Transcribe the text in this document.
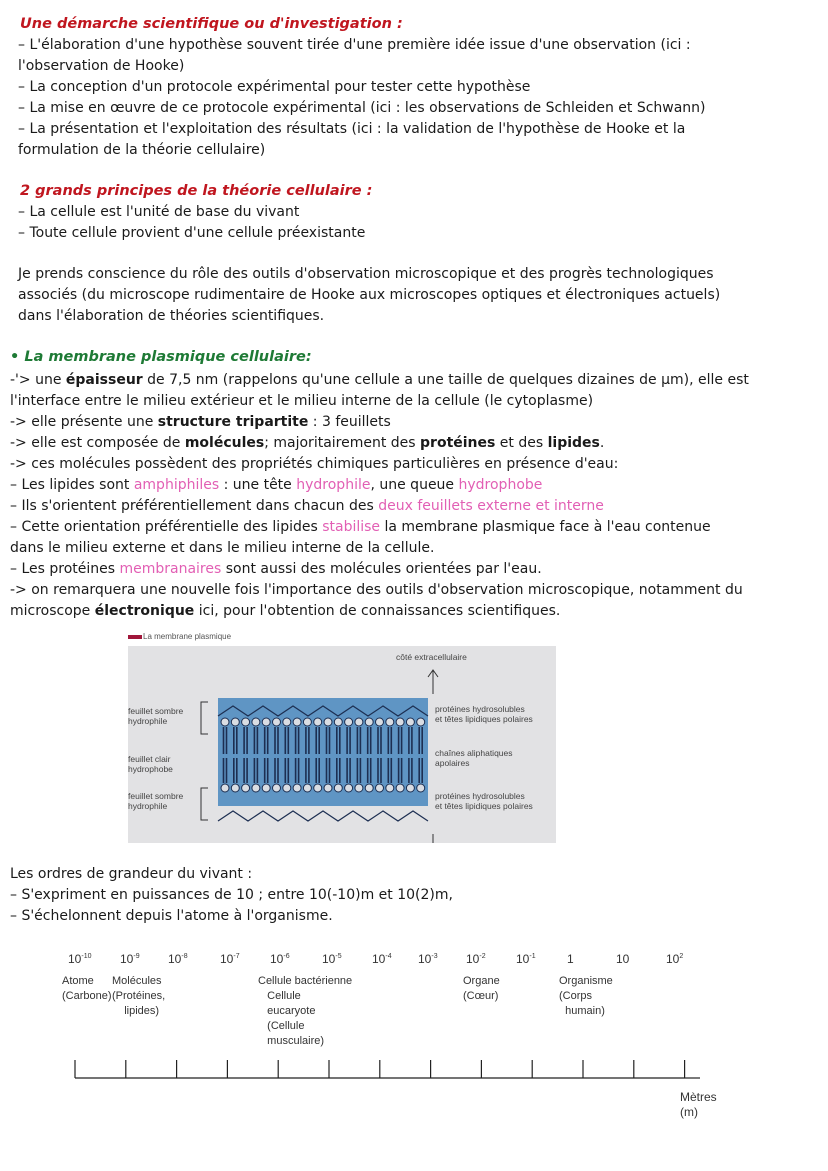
Une démarche scientifique ou d'investigation :
– L'élaboration d'une hypothèse souvent tirée d'une première idée issue d'une observation (ici :
l'observation de Hooke)
– La conception d'un protocole expérimental pour tester cette hypothèse
– La mise en œuvre de ce protocole expérimental (ici : les observations de Schleiden et Schwann)
– La présentation et l'exploitation des résultats (ici : la validation de l'hypothèse de Hooke et la
formulation de la théorie cellulaire)
2 grands principes de la théorie cellulaire :
– La cellule est l'unité de base du vivant
– Toute cellule provient d'une cellule préexistante
Je prends conscience du rôle des outils d'observation microscopique et des progrès technologiques
associés (du microscope rudimentaire de Hooke aux microscopes optiques et électroniques actuels)
dans l'élaboration de théories scientifiques.
• La membrane plasmique cellulaire:
-'> une épaisseur de 7,5 nm (rappelons qu'une cellule a une taille de quelques dizaines de µm), elle est
l'interface entre le milieu extérieur et le milieu interne de la cellule (le cytoplasme)
-> elle présente une structure tripartite : 3 feuillets
-> elle est composée de molécules; majoritairement des protéines et des lipides.
-> ces molécules possèdent des propriétés chimiques particulières en présence d'eau:
– Les lipides sont amphiphiles : une tête hydrophile, une queue hydrophobe
– Ils s'orientent préférentiellement dans chacun des deux feuillets externe et interne
– Cette orientation préférentielle des lipides stabilise la membrane plasmique face à l'eau contenue
dans le milieu externe et dans le milieu interne de la cellule.
– Les protéines membranaires sont aussi des molécules orientées par l'eau.
-> on remarquera une nouvelle fois l'importance des outils d'observation microscopique, notamment du
microscope électronique ici, pour l'obtention de connaissances scientifiques.
La membrane plasmique
côté extracellulaire
feuillet sombre
hydrophile
feuillet clair
hydrophobe
feuillet sombre
hydrophile
protéines hydrosolubles
et têtes lipidiques polaires
chaînes aliphatiques
apolaires
protéines hydrosolubles
et têtes lipidiques polaires
Les ordres de grandeur du vivant :
– S'expriment en puissances de 10 ; entre 10(-10)m et 10(2)m,
– S'échelonnent depuis l'atome à l'organisme.
$10^{-10}$ $10^{-9}$ $10^{-8}$	$10^{-7}$	$10^{-6}$	$10^{-5}$	$10^{-4}$ $10^{-3}$ $10^{-2}$	$10^{-1}$	1	10	$10^2$
Atome
(Carbone)
Molécules
(Protéines,
lipides)
Cellule bactérienne
Cellule
eucaryote
(Cellule
musculaire)
Organe
(Cœur)
Organisme
(Corps
humain)
Mètres
(m)
